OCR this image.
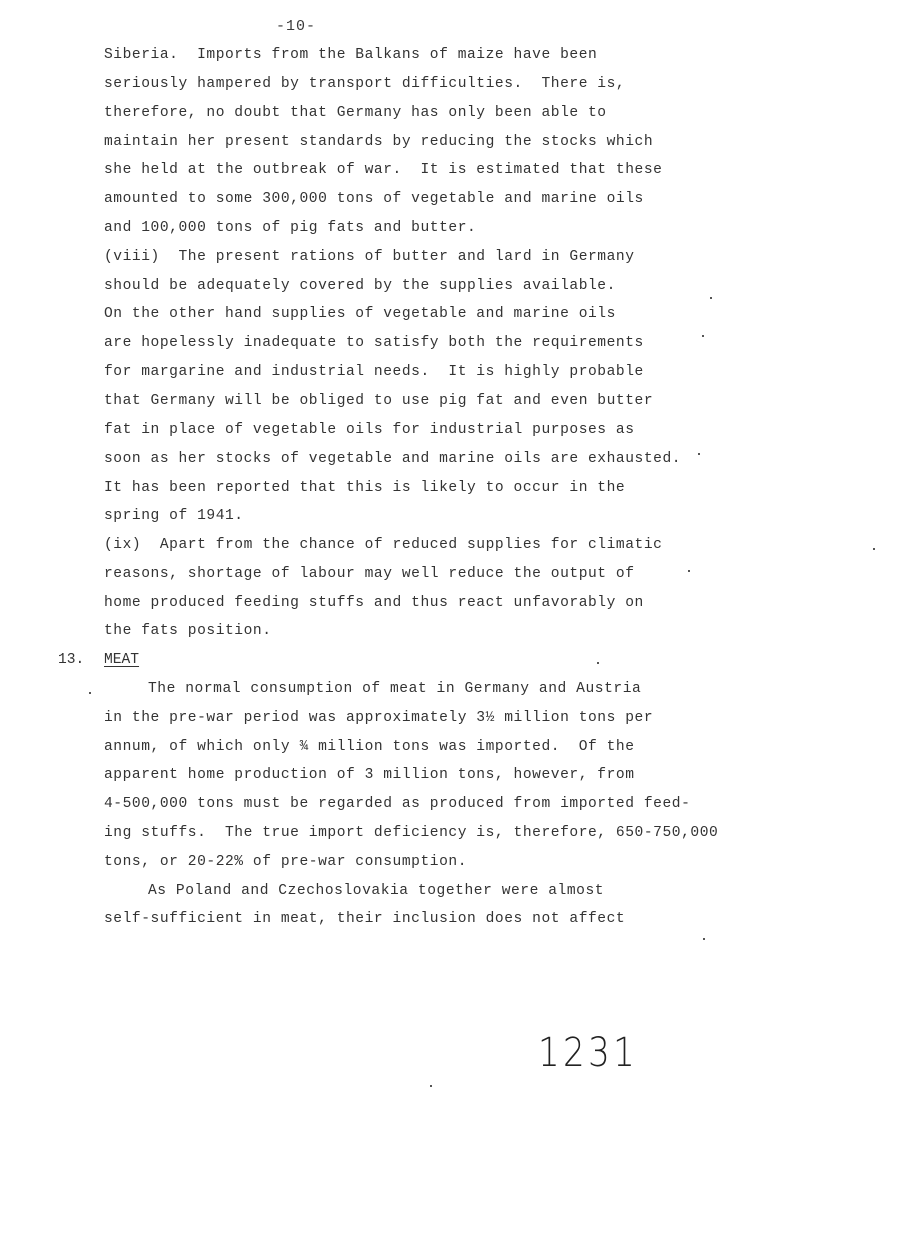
-10-
Siberia.  Imports from the Balkans of maize have been
seriously hampered by transport difficulties.  There is,
therefore, no doubt that Germany has only been able to
maintain her present standards by reducing the stocks which
she held at the outbreak of war.  It is estimated that these
amounted to some 300,000 tons of vegetable and marine oils
and 100,000 tons of pig fats and butter.
(viii)  The present rations of butter and lard in Germany
should be adequately covered by the supplies available.
On the other hand supplies of vegetable and marine oils
are hopelessly inadequate to satisfy both the requirements
for margarine and industrial needs.  It is highly probable
that Germany will be obliged to use pig fat and even butter
fat in place of vegetable oils for industrial purposes as
soon as her stocks of vegetable and marine oils are exhausted.
It has been reported that this is likely to occur in the
spring of 1941.
(ix)  Apart from the chance of reduced supplies for climatic
reasons, shortage of labour may well reduce the output of
home produced feeding stuffs and thus react unfavorably on
the fats position.
13. MEAT
The normal consumption of meat in Germany and Austria
in the pre-war period was approximately 3½ million tons per
annum, of which only ¾ million tons was imported.  Of the
apparent home production of 3 million tons, however, from
4-500,000 tons must be regarded as produced from imported feed-
ing stuffs.  The true import deficiency is, therefore, 650-750,000
tons, or 20-22% of pre-war consumption.
As Poland and Czechoslovakia together were almost
self-sufficient in meat, their inclusion does not affect
1231
